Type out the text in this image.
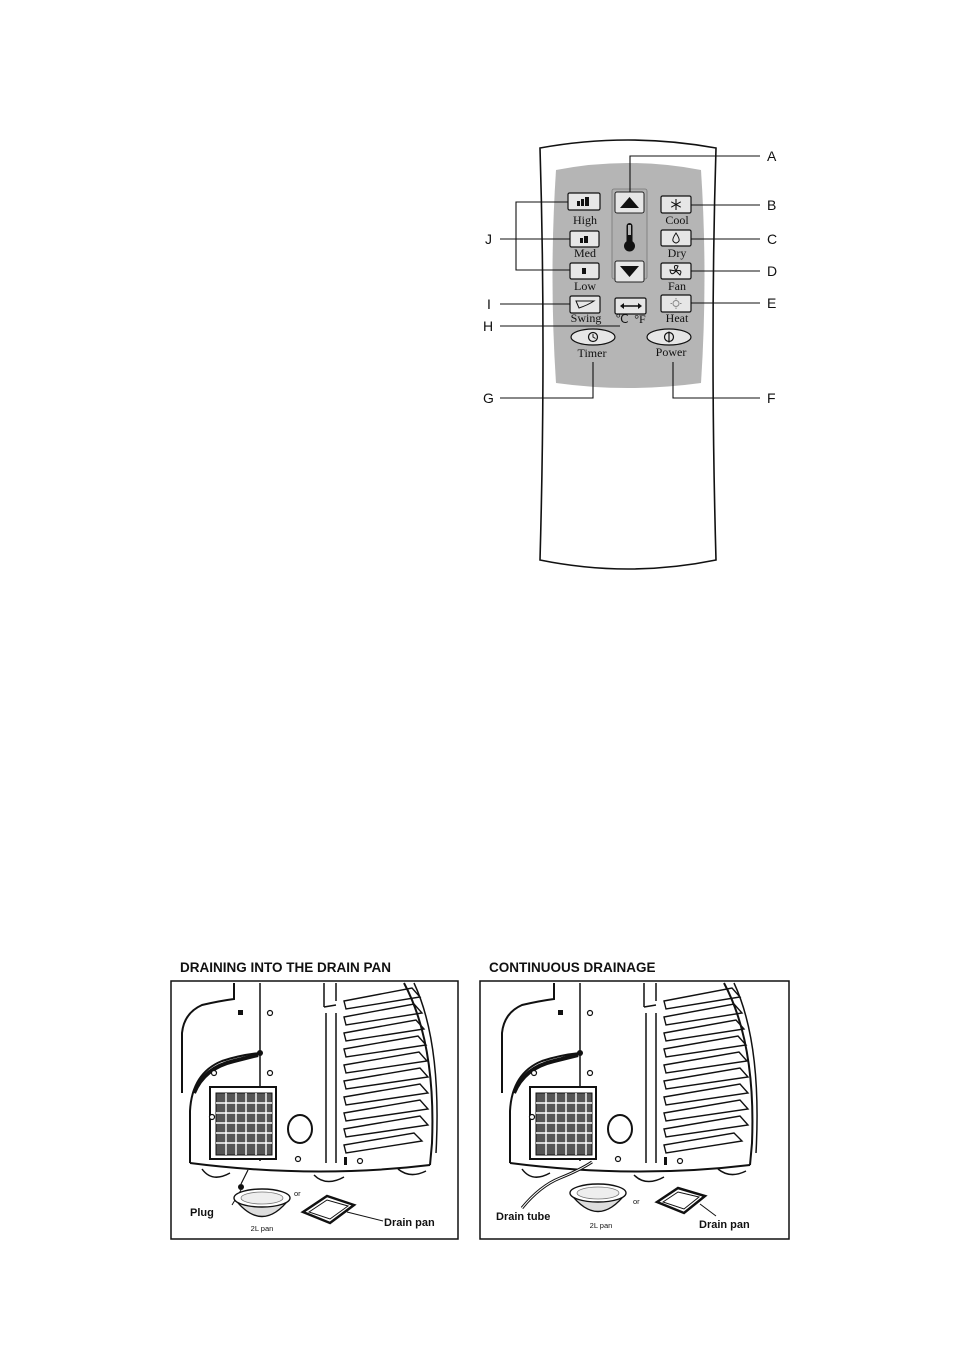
High
Med
Low
Swing
Timer
℃ °F
Cool
Dry
Fan
Heat
Power
A
B
C
D
E
F
G
H
I
J
DRAINING INTO THE DRAIN PAN
Plug
2L pan
or
Drain pan
CONTINUOUS DRAINAGE
Drain tube
2L pan
or
Drain pan
